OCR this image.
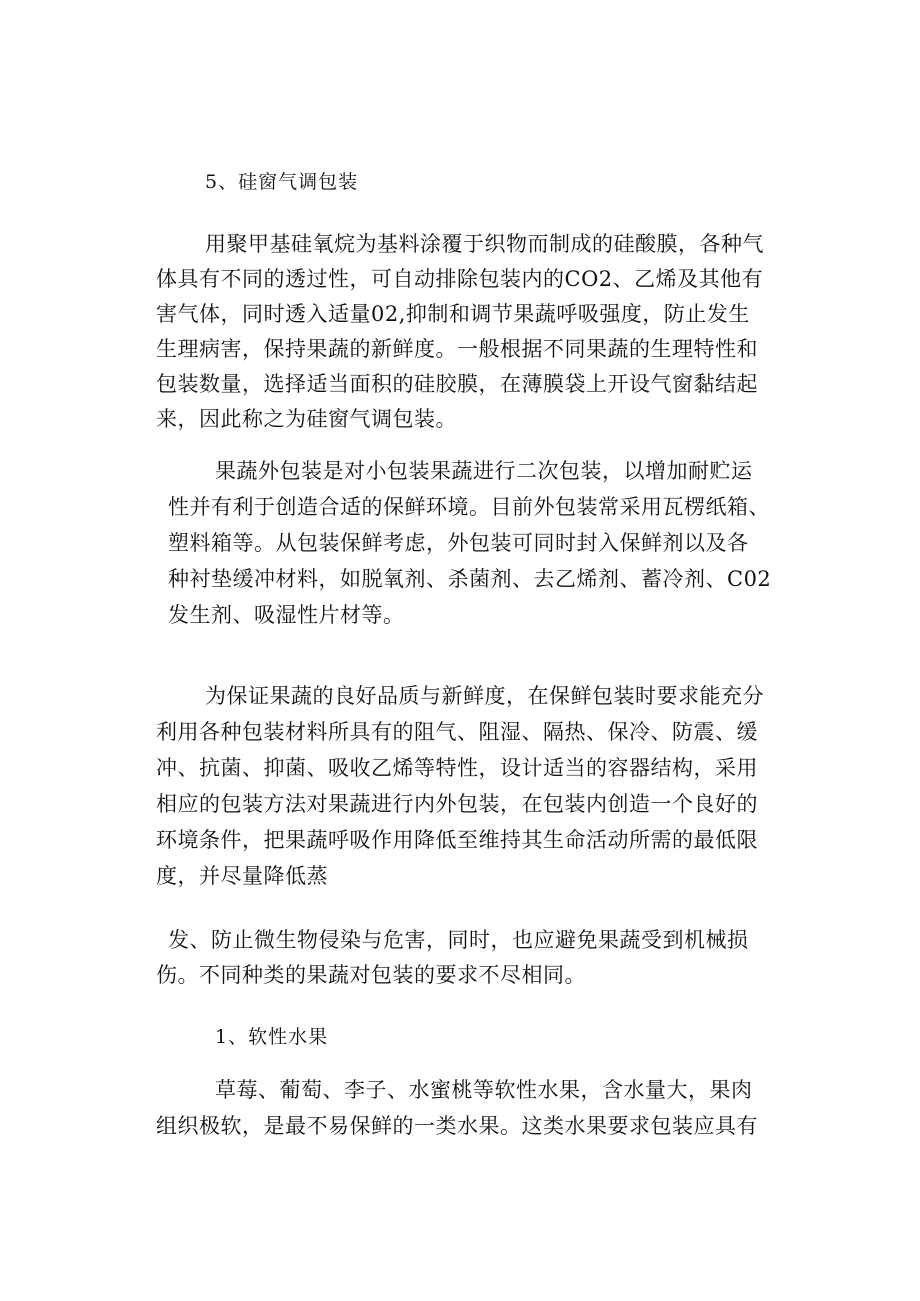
5、硅窗气调包装
用聚甲基硅氧烷为基料涂覆于织物而制成的硅酸膜，各种气
体具有不同的透过性，可自动排除包装内的CO2、乙烯及其他有
害气体，同时透入适量02,抑制和调节果蔬呼吸强度，防止发生
生理病害，保持果蔬的新鲜度。一般根据不同果蔬的生理特性和
包装数量，选择适当面积的硅胶膜，在薄膜袋上开设气窗黏结起
来，因此称之为硅窗气调包装。
果蔬外包装是对小包装果蔬进行二次包装，以增加耐贮运
性并有利于创造合适的保鲜环境。目前外包装常采用瓦楞纸箱、
塑料箱等。从包装保鲜考虑，外包装可同时封入保鲜剂以及各
种衬垫缓冲材料，如脱氧剂、杀菌剂、去乙烯剂、蓄冷剂、C02
发生剂、吸湿性片材等。
为保证果蔬的良好品质与新鲜度，在保鲜包装时要求能充分
利用各种包装材料所具有的阻气、阻湿、隔热、保冷、防震、缓
冲、抗菌、抑菌、吸收乙烯等特性，设计适当的容器结构，采用
相应的包装方法对果蔬进行内外包装，在包装内创造一个良好的
环境条件，把果蔬呼吸作用降低至维持其生命活动所需的最低限
度，并尽量降低蒸
发、防止微生物侵染与危害，同时，也应避免果蔬受到机械损
伤。不同种类的果蔬对包装的要求不尽相同。
1、软性水果
草莓、葡萄、李子、水蜜桃等软性水果，含水量大，果肉
组织极软，是最不易保鲜的一类水果。这类水果要求包装应具有
